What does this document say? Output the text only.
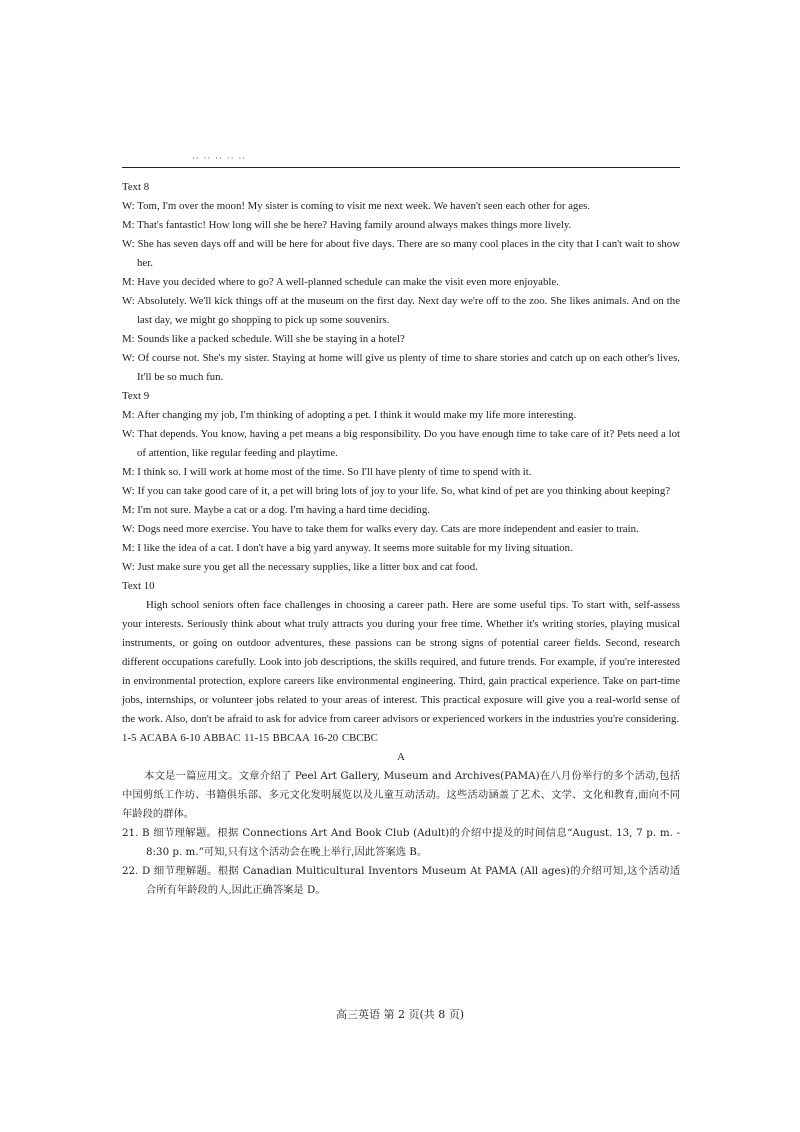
·· ·· ·· ·· ··

Text 8

W: Tom, I'm over the moon! My sister is coming to visit me next week. We haven't seen each other for ages.

M: That's fantastic! How long will she be here? Having family around always makes things more lively.

W: She has seven days off and will be here for about five days. There are so many cool places in the city that I can't wait to show her.

M: Have you decided where to go? A well-planned schedule can make the visit even more enjoyable.

W: Absolutely. We'll kick things off at the museum on the first day. Next day we're off to the zoo. She likes animals. And on the last day, we might go shopping to pick up some souvenirs.

M: Sounds like a packed schedule. Will she be staying in a hotel?

W: Of course not. She's my sister. Staying at home will give us plenty of time to share stories and catch up on each other's lives. It'll be so much fun.

Text 9

M: After changing my job, I'm thinking of adopting a pet. I think it would make my life more interesting.

W: That depends. You know, having a pet means a big responsibility. Do you have enough time to take care of it? Pets need a lot of attention, like regular feeding and playtime.

M: I think so. I will work at home most of the time. So I'll have plenty of time to spend with it.

W: If you can take good care of it, a pet will bring lots of joy to your life. So, what kind of pet are you thinking about keeping?

M: I'm not sure. Maybe a cat or a dog. I'm having a hard time deciding.

W: Dogs need more exercise. You have to take them for walks every day. Cats are more independent and easier to train.

M: I like the idea of a cat. I don't have a big yard anyway. It seems more suitable for my living situation.

W: Just make sure you get all the necessary supplies, like a litter box and cat food.

Text 10

High school seniors often face challenges in choosing a career path. Here are some useful tips. To start with, self-assess your interests. Seriously think about what truly attracts you during your free time. Whether it's writing stories, playing musical instruments, or going on outdoor adventures, these passions can be strong signs of potential career fields. Second, research different occupations carefully. Look into job descriptions, the skills required, and future trends. For example, if you're interested in environmental protection, explore careers like environmental engineering. Third, gain practical experience. Take on part-time jobs, internships, or volunteer jobs related to your areas of interest. This practical exposure will give you a real-world sense of the work. Also, don't be afraid to ask for advice from career advisors or experienced workers in the industries you're considering.

1-5 ACABA 6-10 ABBAC 11-15 BBCAA 16-20 CBCBC

A

本文是一篇应用文。文章介绍了 Peel Art Gallery, Museum and Archives(PAMA)在八月份举行的多个活动,包括中国剪纸工作坊、书籍俱乐部、多元文化发明展览以及儿童互动活动。这些活动涵盖了艺术、文学、文化和教育,面向不同年龄段的群体。

21. B 细节理解题。根据 Connections Art And Book Club (Adult)的介绍中提及的时间信息“August. 13, 7 p. m. - 8:30 p. m.”可知,只有这个活动会在晚上举行,因此答案选 B。

22. D 细节理解题。根据 Canadian Multicultural Inventors Museum At PAMA (All ages)的介绍可知,这个活动适合所有年龄段的人,因此正确答案是 D。

高三英语 第 2 页(共 8 页)
